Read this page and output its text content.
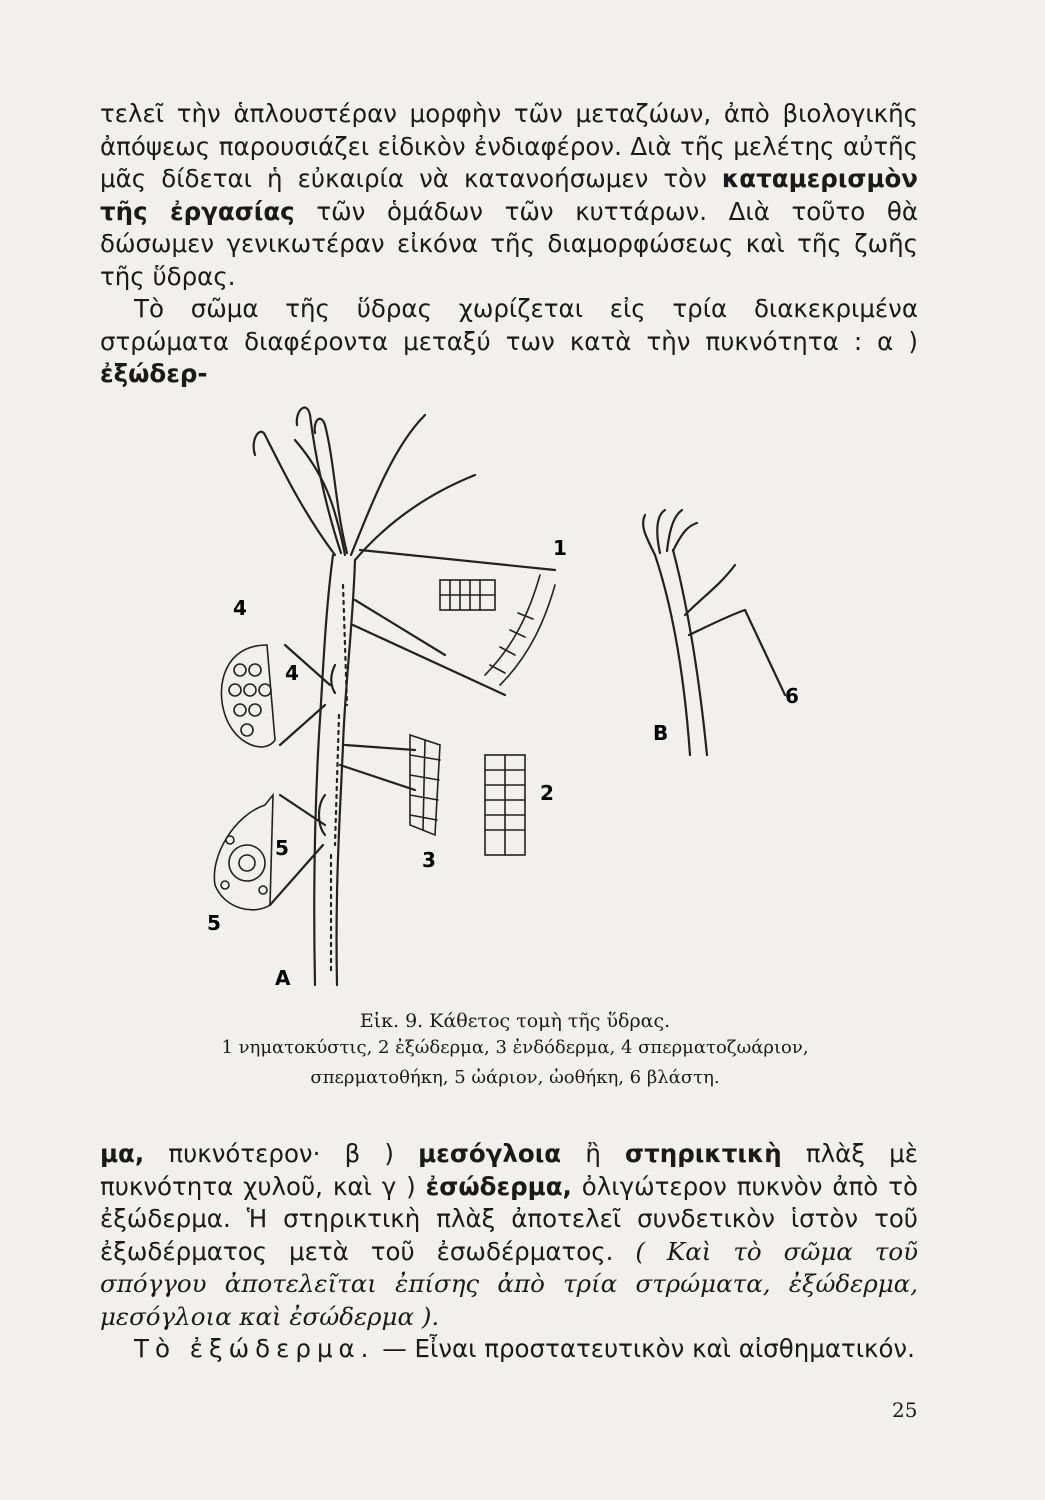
τελεῖ τὴν ἁπλουστέραν μορφὴν τῶν μεταζώων, ἀπὸ βιολογικῆς ἀπόψεως παρουσιάζει εἰδικὸν ἐνδιαφέρον. Διὰ τῆς μελέτης αὐτῆς μᾶς δίδεται ἡ εὐκαιρία νὰ κατανοήσωμεν τὸν καταμερισμὸν τῆς ἐργασίας τῶν ὁμάδων τῶν κυττάρων. Διὰ τοῦτο θὰ δώσωμεν γενικωτέραν εἰκόνα τῆς διαμορφώσεως καὶ τῆς ζωῆς τῆς ὕδρας.
Τὸ σῶμα τῆς ὕδρας χωρίζεται εἰς τρία διακεκριμένα στρώματα διαφέροντα μεταξύ των κατὰ τὴν πυκνότητα : α ) ἐξώδερ-

1
2
3
4
4
5
5
6
A
B
Εἰκ. 9. Κάθετος τομὴ τῆς ὕδρας.
1 νηματοκύστις, 2 ἐξώδερμα, 3 ἐνδόδερμα, 4 σπερματοζωάριον,
σπερματοθήκη, 5 ὠάριον, ὠοθήκη, 6 βλάστη.

μα, πυκνότερον· β ) μεσόγλοια ἢ στηρικτικὴ πλὰξ μὲ πυκνότητα χυλοῦ, καὶ γ ) ἐσώδερμα, ὀλιγώτερον πυκνὸν ἀπὸ τὸ ἐξώδερμα. Ἡ στηρικτικὴ πλὰξ ἀποτελεῖ συνδετικὸν ἱστὸν τοῦ ἐξωδέρματος μετὰ τοῦ ἐσωδέρματος. ( Καὶ τὸ σῶμα τοῦ σπόγγου ἀποτελεῖται ἐπίσης ἀπὸ τρία στρώματα, ἐξώδερμα, μεσόγλοια καὶ ἐσώδερμα ).
Τὸ ἐξώδερμα. — Εἶναι προστατευτικὸν καὶ αἰσθηματικόν.

25
